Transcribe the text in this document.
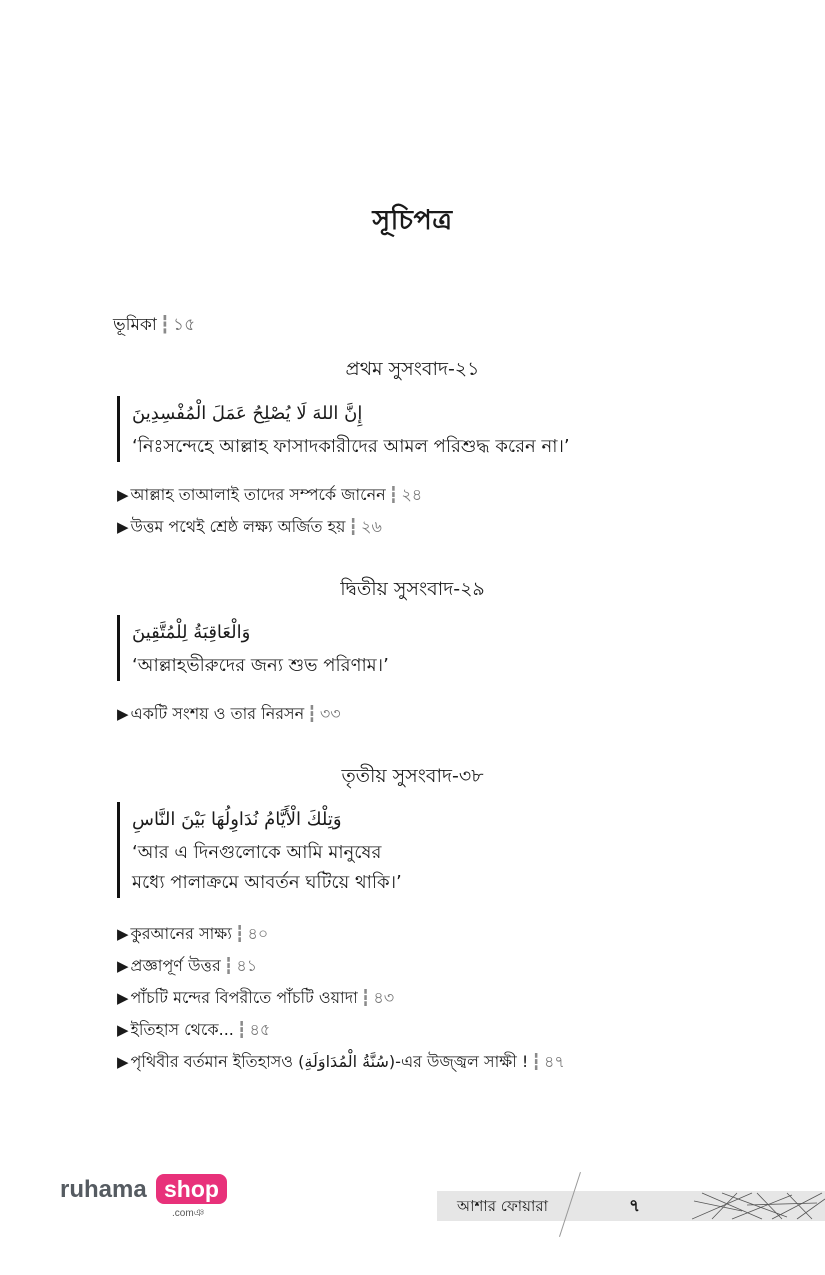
সূচিপত্র
ভূমিকা ┇ ১৫
প্রথম সুসংবাদ-২১
إِنَّ اللهَ لَا يُصْلِحُ عَمَلَ الْمُفْسِدِينَ
‘নিঃসন্দেহে আল্লাহ ফাসাদকারীদের আমল পরিশুদ্ধ করেন না।’
▶ আল্লাহ তাআলাই তাদের সম্পর্কে জানেন ┇ ২৪
▶ উত্তম পথেই শ্রেষ্ঠ লক্ষ্য অর্জিত হয় ┇ ২৬
দ্বিতীয় সুসংবাদ-২৯
وَالْعَاقِبَةُ لِلْمُتَّقِينَ
‘আল্লাহভীরুদের জন্য শুভ পরিণাম।’
▶ একটি সংশয় ও তার নিরসন ┇ ৩৩
তৃতীয় সুসংবাদ-৩৮
وَتِلْكَ الْأَيَّامُ نُدَاوِلُهَا بَيْنَ النَّاسِ
‘আর এ দিনগুলোকে আমি মানুষের
মধ্যে পালাক্রমে আবর্তন ঘটিয়ে থাকি।’
▶ কুরআনের সাক্ষ্য ┇ ৪০
▶ প্রজ্ঞাপূর্ণ উত্তর ┇ ৪১
▶ পাঁচটি মন্দের বিপরীতে পাঁচটি ওয়াদা ┇ ৪৩
▶ ইতিহাস থেকে... ┇ ৪৫
▶ পৃথিবীর বর্তমান ইতিহাসও (سُنَّةُ الْمُدَاوَلَةِ)-এর উজ্জ্বল সাক্ষী ! ┇ ৪৭
ruhama shop
.comঞ	আশার ফোয়ারা	৭
